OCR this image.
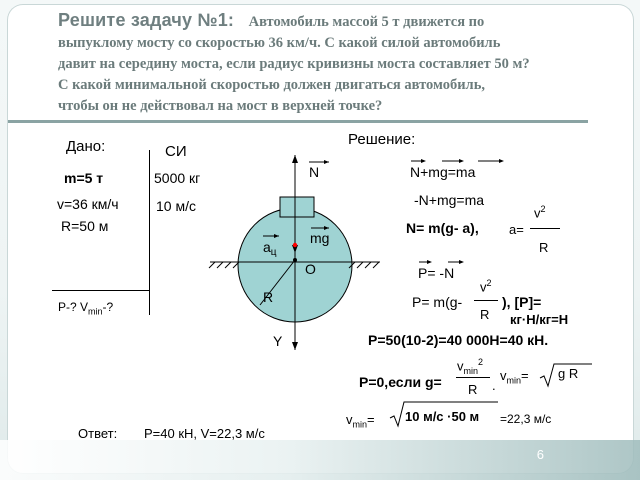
Решите задачу №1: Автомобиль массой 5 т движется по
выпуклому мосту со скоростью 36 км/ч. С какой силой автомобиль
давит на середину моста, если радиус кривизны моста составляет 50 м?
С какой минимальной скоростью должен двигаться автомобиль,
чтобы он не действовал на мост в верхней точке?
Дано:	СИ
m=5 т	5000 кг
v=36 км/ч	10 м/с
R=50 м
P-? $V_{min}-$?
N
mg
$a_ц$
O
R
Y
Решение:
N+mg=ma
-N+mg=ma
N= m(g- a), a=
$v^2$
R
P= -N
P= m(g-
$v^2$
R
), [P]=
кг·Н/кг=Н
P=50(10-2)=40 000Н=40 кН.
P=0,если g=
$v_{min}^2$
R .
$v_{min}= g$ R
$v_{min}= 10$ м/с ·50 м =22,3 м/с
Ответ: P=40 кН, V=22,3 м/с
6
